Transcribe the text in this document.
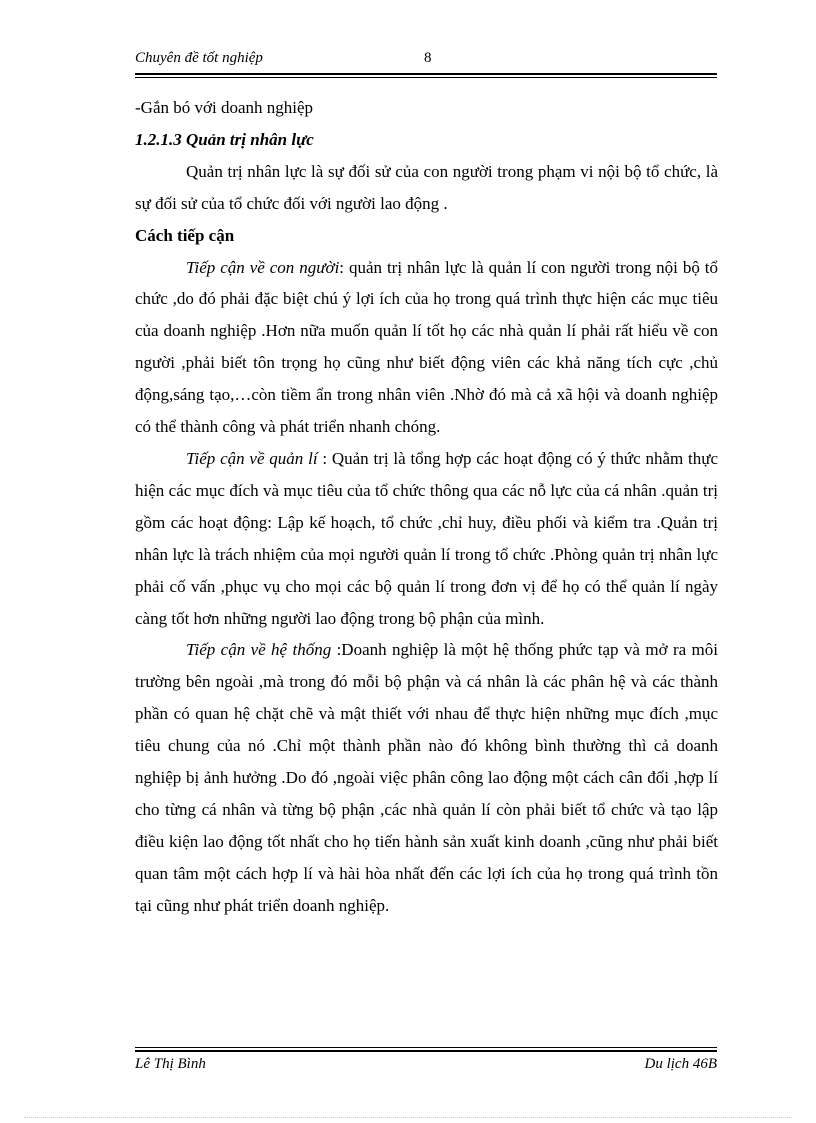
Chuyên đề tốt nghiệp	8

-Gắn bó với doanh nghiệp

1.2.1.3 Quản trị nhân lực

Quản trị nhân lực là sự đối sử của con người trong phạm vi nội bộ tổ chức, là sự đối sử của tổ chức đối với người lao động .

Cách tiếp cận

Tiếp cận về con người: quản trị nhân lực là quản lí con người trong nội bộ tổ chức ,do đó phải đặc biệt chú ý lợi ích của họ trong quá trình thực hiện các mục tiêu của doanh nghiệp .Hơn nữa muốn quản lí tốt họ các nhà quản lí phải rất hiểu về con người ,phải biết tôn trọng họ cũng như biết động viên các khả năng tích cực ,chủ động,sáng tạo,…còn tiềm ẩn trong nhân viên .Nhờ đó mà cả xã hội và doanh nghiệp có thể thành công và phát triển nhanh chóng.

Tiếp cận về quản lí : Quản trị là tổng hợp các hoạt động có ý thức nhằm thực hiện các mục đích và mục tiêu của tổ chức thông qua các nỗ lực của cá nhân .quản trị gồm các hoạt động: Lập kế hoạch, tổ chức ,chỉ huy, điều phối và kiểm tra .Quản trị nhân lực là trách nhiệm của mọi người quản lí trong tổ chức .Phòng quản trị nhân lực phải cố vấn ,phục vụ cho mọi các bộ quản lí trong đơn vị để họ có thể quản lí ngày càng tốt hơn những người lao động trong bộ phận của mình.

Tiếp cận về hệ thống :Doanh nghiệp là một hệ thống phức tạp và mở ra môi trường bên ngoài ,mà trong đó mỗi bộ phận và cá nhân là các phân hệ và các thành phần có quan hệ chặt chẽ và mật thiết với nhau để thực hiện những mục đích ,mục tiêu chung của nó .Chỉ một thành phần nào đó không bình thường thì cả doanh nghiệp bị ảnh hưởng .Do đó ,ngoài việc phân công lao động một cách cân đối ,hợp lí cho từng cá nhân và từng bộ phận ,các nhà quản lí còn phải biết tổ chức và tạo lập điều kiện lao động tốt nhất cho họ tiến hành sản xuất kinh doanh ,cũng như phải biết quan tâm một cách hợp lí và hài hòa nhất đến các lợi ích của họ trong quá trình tồn tại cũng như phát triển doanh nghiệp.

Lê Thị Bình	Du lịch 46B
